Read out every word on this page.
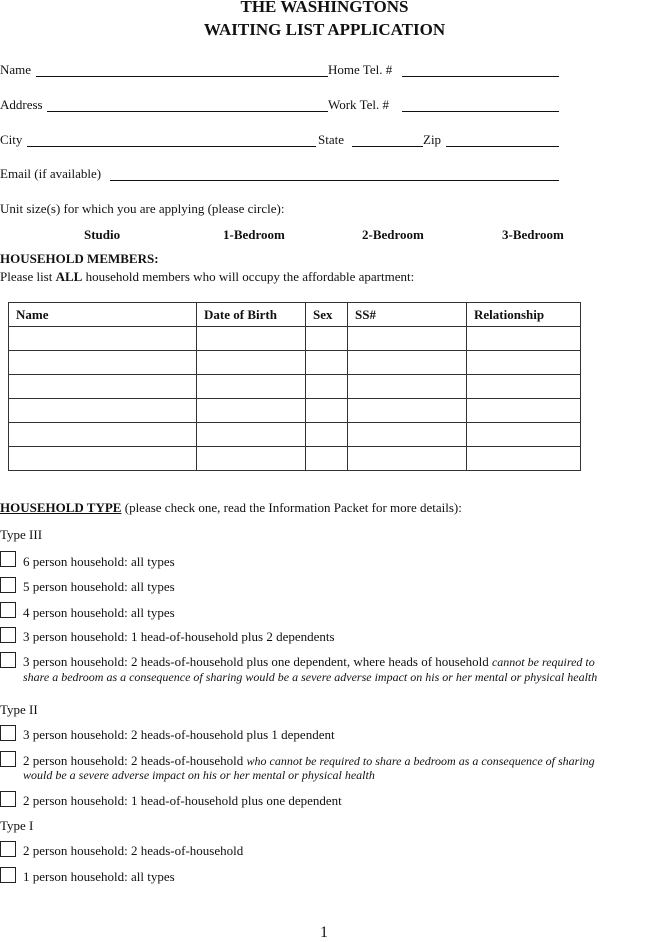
THE WASHINGTONS
WAITING LIST APPLICATION
Name	Home Tel. #
Address	Work Tel. #
City	State	Zip
Email (if available)
Unit size(s) for which you are applying (please circle):
Studio	1-Bedroom	2-Bedroom	3-Bedroom
HOUSEHOLD MEMBERS:
Please list ALL household members who will occupy the affordable apartment:
Name	Date of Birth	Sex	SS#	Relationship

HOUSEHOLD TYPE (please check one, read the Information Packet for more details):
Type III
6 person household: all types
5 person household: all types
4 person household: all types
3 person household: 1 head-of-household plus 2 dependents
3 person household: 2 heads-of-household plus one dependent, where heads of household cannot be required to
share a bedroom as a consequence of sharing would be a severe adverse impact on his or her mental or physical health
Type II
3 person household: 2 heads-of-household plus 1 dependent
2 person household: 2 heads-of-household who cannot be required to share a bedroom as a consequence of sharing
would be a severe adverse impact on his or her mental or physical health
2 person household: 1 head-of-household plus one dependent
Type I
2 person household: 2 heads-of-household
1 person household: all types
1
